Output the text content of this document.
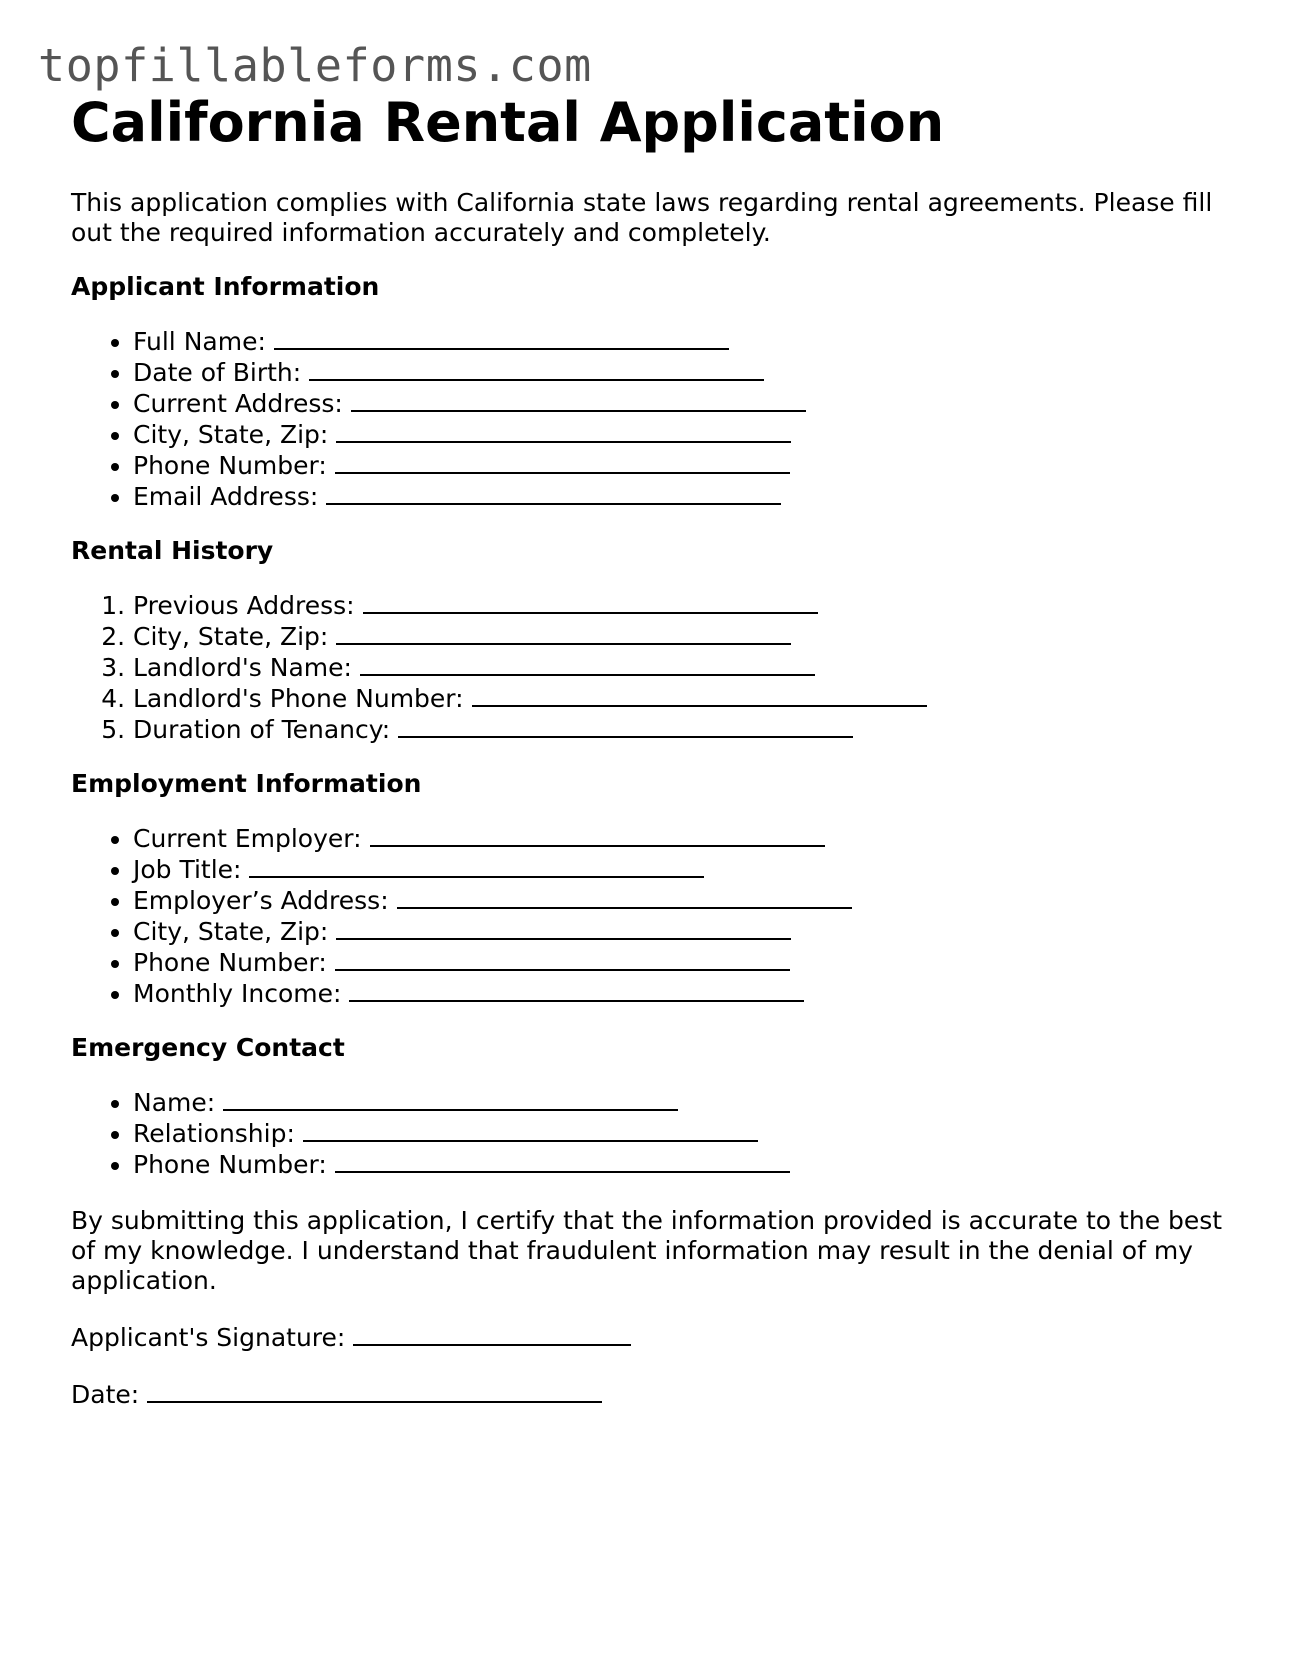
topfillableforms.com
California Rental Application

This application complies with California state laws regarding rental agreements. Please fill out the required information accurately and completely.

Applicant Information
• Full Name:
• Date of Birth:
• Current Address:
• City, State, Zip:
• Phone Number:
• Email Address:
Rental History
1. Previous Address:
2. City, State, Zip:
3. Landlord's Name:
4. Landlord's Phone Number:
5. Duration of Tenancy:
Employment Information
• Current Employer:
• Job Title:
• Employer’s Address:
• City, State, Zip:
• Phone Number:
• Monthly Income:
Emergency Contact
• Name:
• Relationship:
• Phone Number:

By submitting this application, I certify that the information provided is accurate to the best of my knowledge. I understand that fraudulent information may result in the denial of my application.

Applicant's Signature:

Date:
